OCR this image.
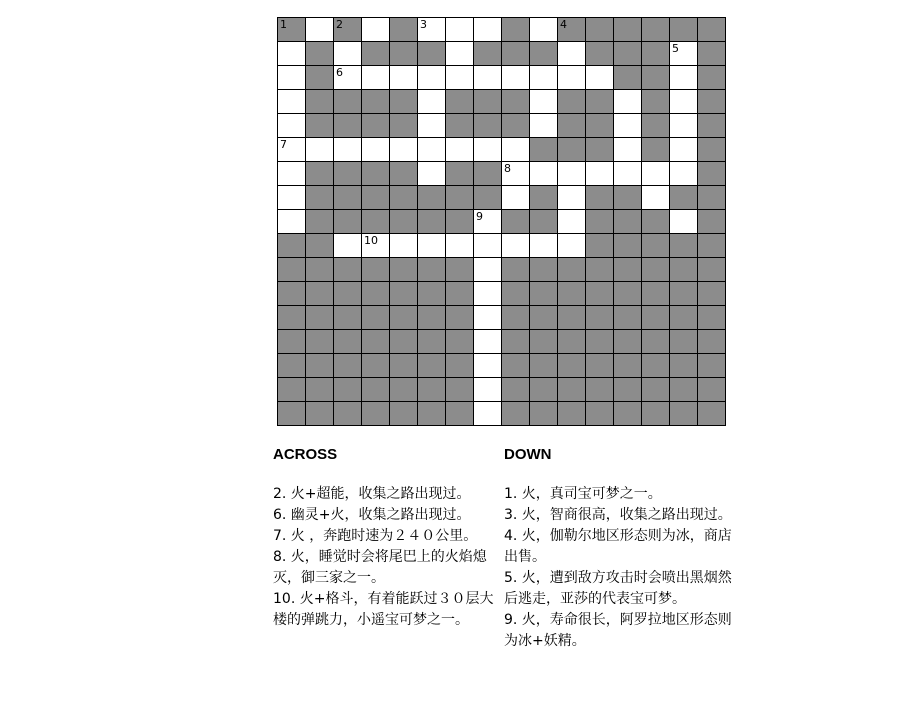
1	2	3	4
5
6
7
8
9
10
ACROSS

2. 火+超能，收集之路出现过。

6. 幽灵+火，收集之路出现过。

7. 火 ，奔跑时速为２４０公里。

8. 火，睡觉时会将尾巴上的火焰熄灭，御三家之一。

10. 火+格斗，有着能跃过３０层大楼的弹跳力，小遥宝可梦之一。

DOWN

1. 火，真司宝可梦之一。

3. 火，智商很高，收集之路出现过。

4. 火，伽勒尔地区形态则为冰，商店出售。

5. 火，遭到敌方攻击时会喷出黑烟然后逃走，亚莎的代表宝可梦。

9. 火，寿命很长，阿罗拉地区形态则为冰+妖精。
